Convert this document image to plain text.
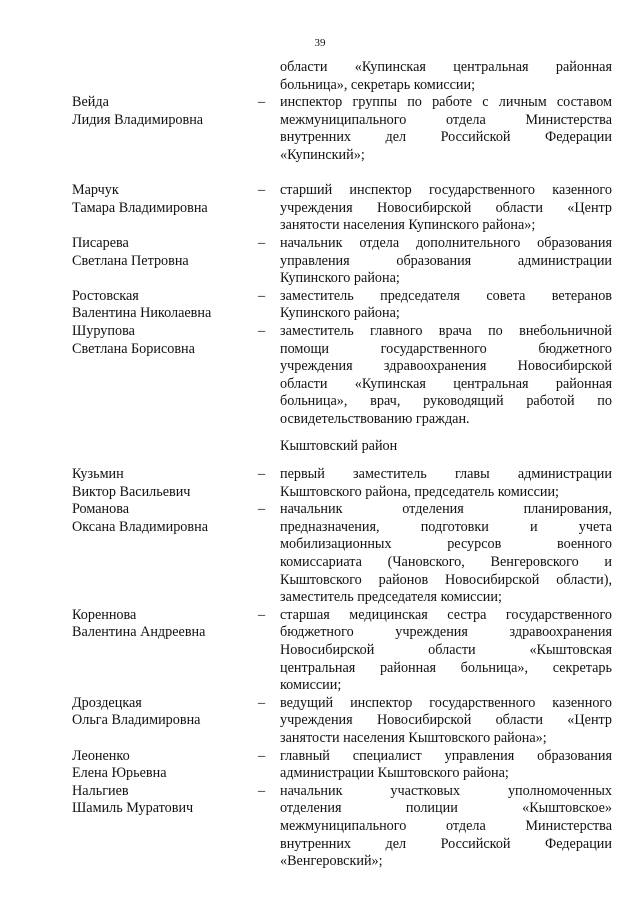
39
области «Купинская центральная районная
больница», секретарь комиссии;
Вейда
Лидия Владимировна
–	инспектор группы по работе с личным составом
межмуниципального отдела Министерства
внутренних дел Российской Федерации
«Купинский»;
Марчук
Тамара Владимировна
–	старший инспектор государственного казенного
учреждения Новосибирской области «Центр
занятости населения Купинского района»;
Писарева
Светлана Петровна
–	начальник отдела дополнительного образования
управления образования администрации
Купинского района;
Ростовская
Валентина Николаевна
–	заместитель председателя совета ветеранов
Купинского района;
Шурупова
Светлана Борисовна
–	заместитель главного врача по внебольничной
помощи государственного бюджетного
учреждения здравоохранения Новосибирской
области «Купинская центральная районная
больница», врач, руководящий работой по
освидетельствованию граждан.
Кыштовский район
Кузьмин
Виктор Васильевич
–	первый заместитель главы администрации
Кыштовского района, председатель комиссии;
Романова
Оксана Владимировна
–	начальник отделения планирования,
предназначения, подготовки и учета
мобилизационных ресурсов военного
комиссариата (Чановского, Венгеровского и
Кыштовского районов Новосибирской области),
заместитель председателя комиссии;
Кореннова
Валентина Андреевна
–	старшая медицинская сестра государственного
бюджетного учреждения здравоохранения
Новосибирской области «Кыштовская
центральная районная больница», секретарь
комиссии;
Дроздецкая
Ольга Владимировна
–	ведущий инспектор государственного казенного
учреждения Новосибирской области «Центр
занятости населения Кыштовского района»;
Леоненко
Елена Юрьевна
–	главный специалист управления образования
администрации Кыштовского района;
Нальгиев
Шамиль Муратович
–	начальник участковых уполномоченных
отделения полиции «Кыштовское»
межмуниципального отдела Министерства
внутренних дел Российской Федерации
«Венгеровский»;
